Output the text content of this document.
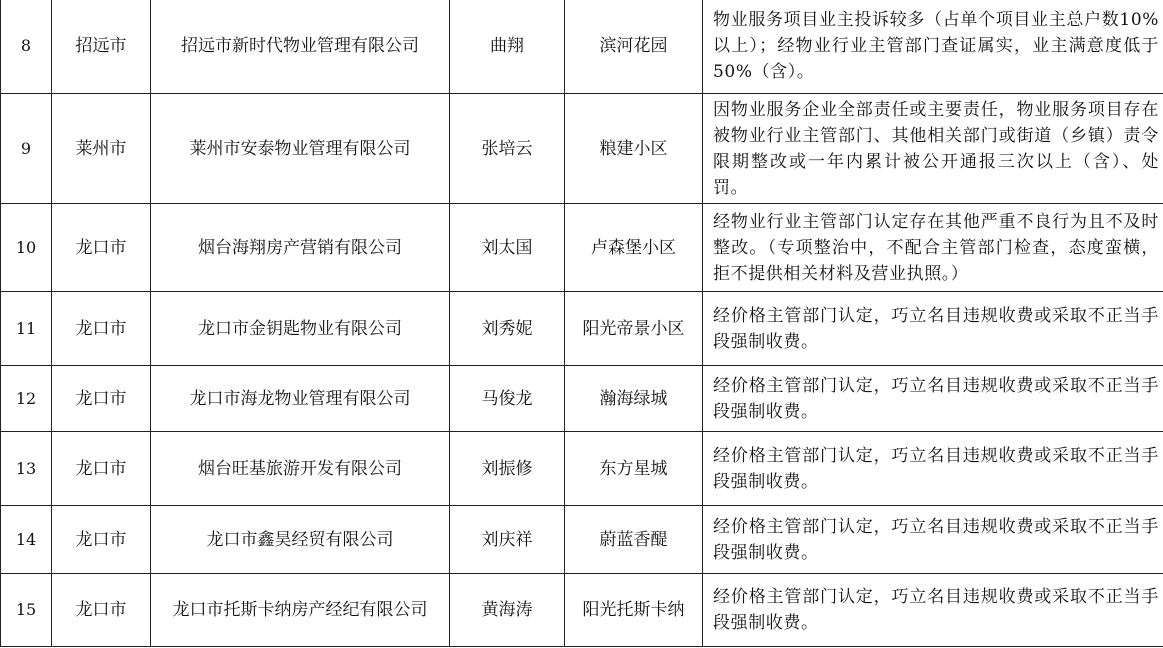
8	招远市	招远市新时代物业管理有限公司	曲翔	滨河花园	物业服务项目业主投诉较多（占单个项目业主总户数10%以上）；经物业行业主管部门查证属实，业主满意度低于50%（含）。
9	莱州市	莱州市安泰物业管理有限公司	张培云	粮建小区	因物业服务企业全部责任或主要责任，物业服务项目存在被物业行业主管部门、其他相关部门或街道（乡镇）责令限期整改或一年内累计被公开通报三次以上（含）、处罚。
10	龙口市	烟台海翔房产营销有限公司	刘太国	卢森堡小区	经物业行业主管部门认定存在其他严重不良行为且不及时整改。（专项整治中，不配合主管部门检查，态度蛮横，拒不提供相关材料及营业执照。）
11	龙口市	龙口市金钥匙物业有限公司	刘秀妮	阳光帝景小区	经价格主管部门认定，巧立名目违规收费或采取不正当手段强制收费。
12	龙口市	龙口市海龙物业管理有限公司	马俊龙	瀚海绿城	经价格主管部门认定，巧立名目违规收费或采取不正当手段强制收费。
13	龙口市	烟台旺基旅游开发有限公司	刘振修	东方星城	经价格主管部门认定，巧立名目违规收费或采取不正当手段强制收费。
14	龙口市	龙口市鑫昊经贸有限公司	刘庆祥	蔚蓝香醍	经价格主管部门认定，巧立名目违规收费或采取不正当手段强制收费。
15	龙口市	龙口市托斯卡纳房产经纪有限公司	黄海涛	阳光托斯卡纳	经价格主管部门认定，巧立名目违规收费或采取不正当手段强制收费。
